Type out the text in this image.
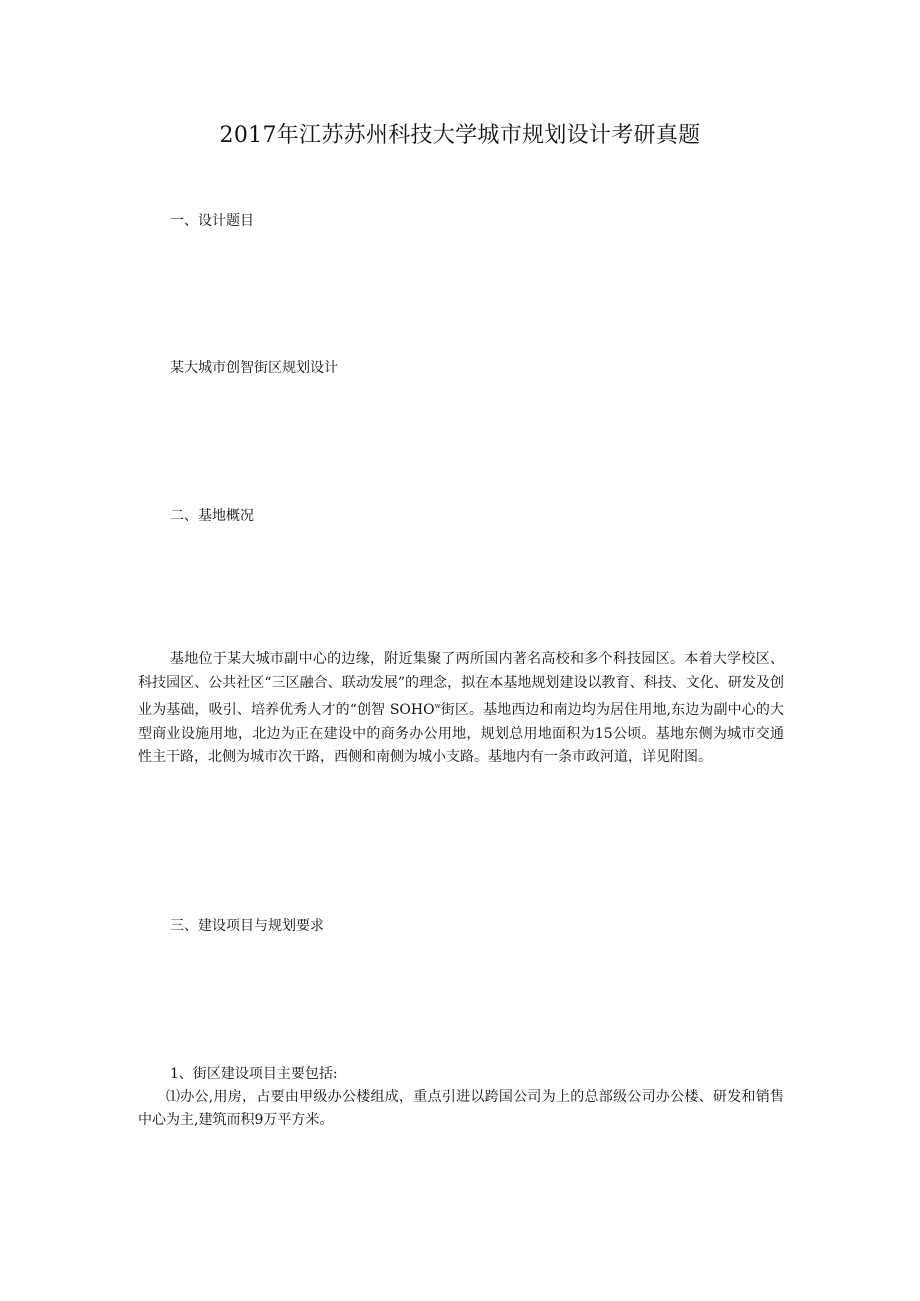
2017年江苏苏州科技大学城市规划设计考研真题
一、设计题目
某大城市创智街区规划设计
二、基地概况
基地位于某大城市副中心的边缘，附近集聚了两所国内著名高校和多个科技园区。本着大学校区、科技园区、公共社区“三区融合、联动发展”的理念，拟在本基地规划建设以教育、科技、文化、研发及创业为基础，吸引、培养优秀人才的“创智 SOHO$^w$街区。基地西边和南边均为居住用地,东边为副中心的大型商业设施用地，北边为正在建设中的商务办公用地，规划总用地面积为15公顷。基地东侧为城市交通性主干路，北侧为城市次干路，西侧和南侧为城小支路。基地内有一条市政河道，详见附图。
三、建设项目与规划要求
1、街区建设项目主要包括:
⑴办公,用房，占要由甲级办公楼组成，重点引进以跨国公司为上的总部级公司办公楼、研发和销售中心为主,建筑而积9万平方米。
